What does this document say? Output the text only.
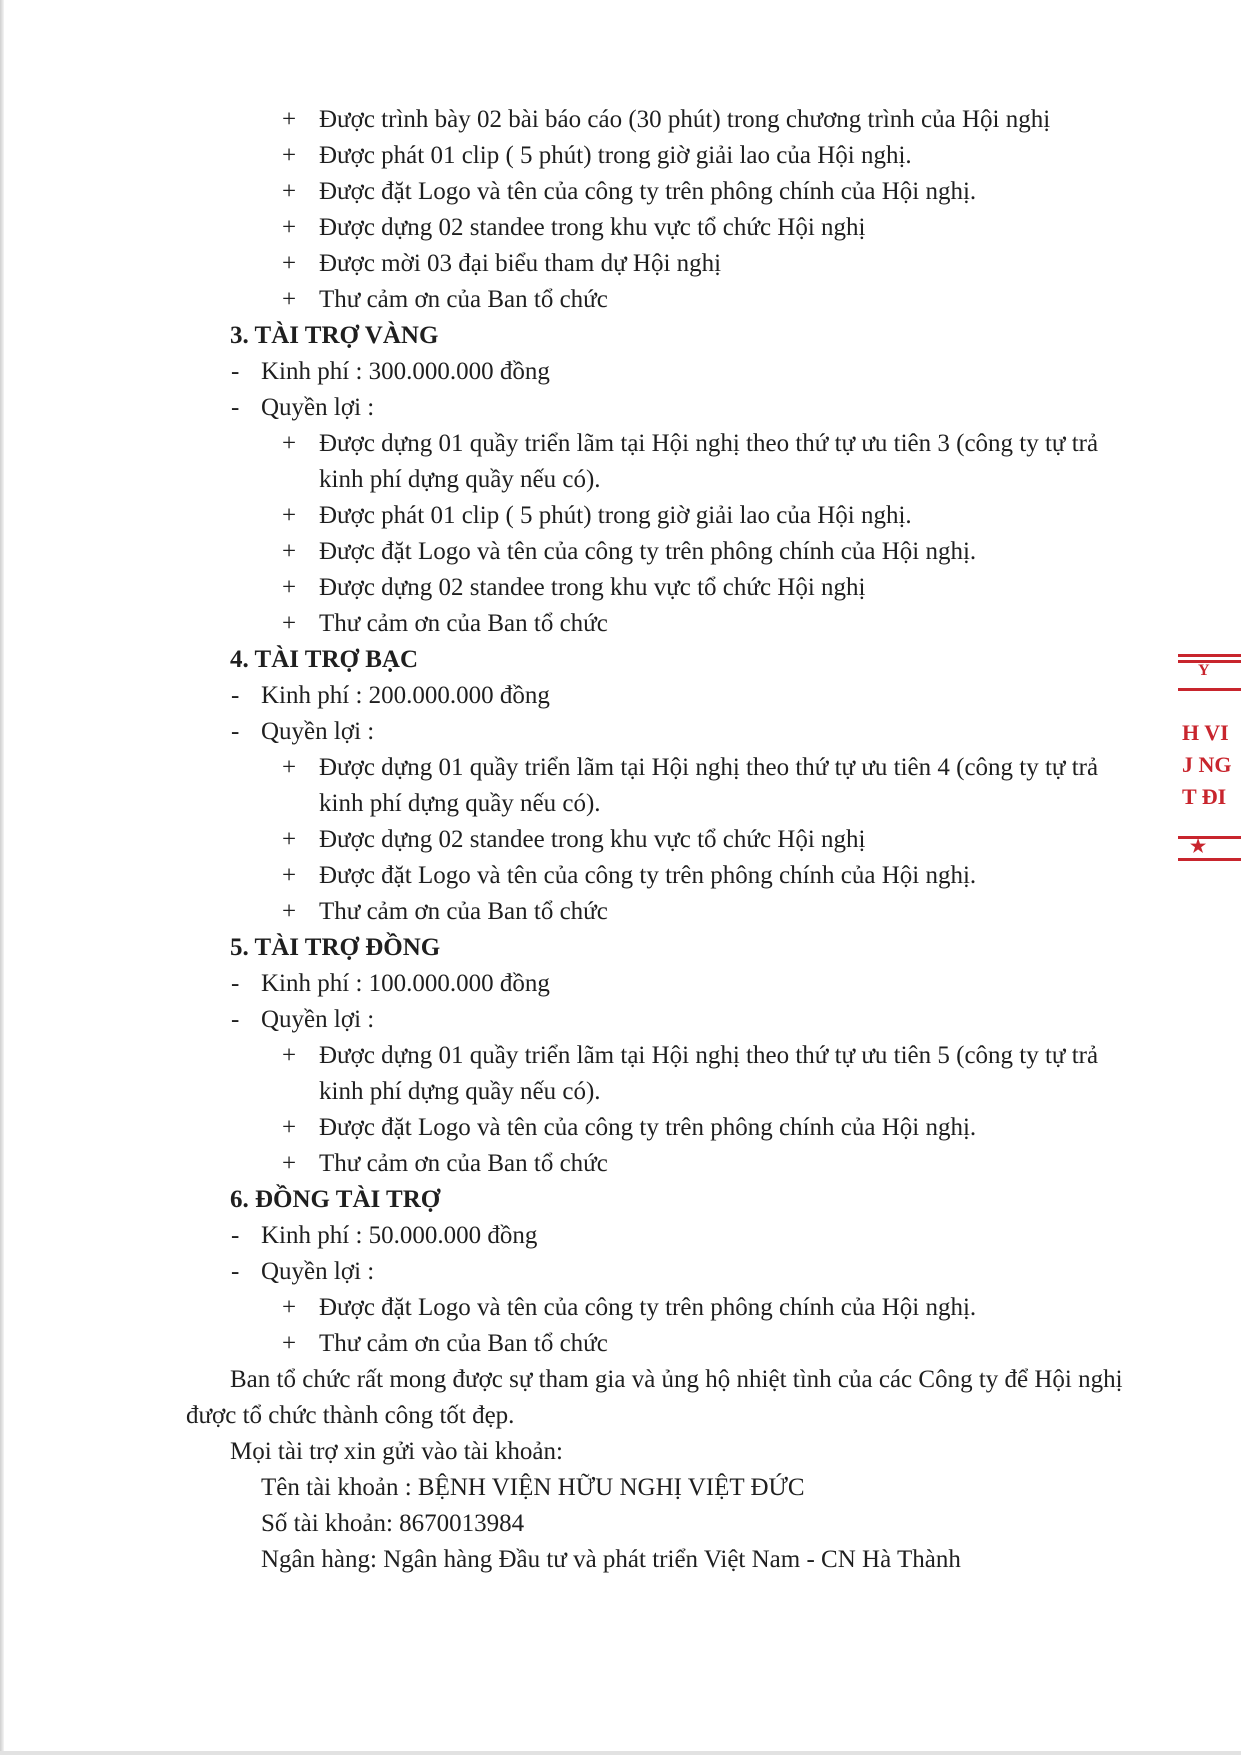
+ Được trình bày 02 bài báo cáo (30 phút) trong chương trình của Hội nghị
+ Được phát 01 clip ( 5 phút) trong giờ giải lao của Hội nghị.
+ Được đặt Logo và tên của công ty trên phông chính của Hội nghị.
+ Được dựng 02 standee trong khu vực tổ chức Hội nghị
+ Được mời 03 đại biểu tham dự Hội nghị
+ Thư cảm ơn của Ban tổ chức
3. TÀI TRỢ VÀNG
- Kinh phí : 300.000.000 đồng
- Quyền lợi :
+ Được dựng 01 quầy triển lãm tại Hội nghị theo thứ tự ưu tiên 3 (công ty tự trả
kinh phí dựng quầy nếu có).
+ Được phát 01 clip ( 5 phút) trong giờ giải lao của Hội nghị.
+ Được đặt Logo và tên của công ty trên phông chính của Hội nghị.
+ Được dựng 02 standee trong khu vực tổ chức Hội nghị
+ Thư cảm ơn của Ban tổ chức
4. TÀI TRỢ BẠC
- Kinh phí : 200.000.000 đồng
- Quyền lợi :
+ Được dựng 01 quầy triển lãm tại Hội nghị theo thứ tự ưu tiên 4 (công ty tự trả
kinh phí dựng quầy nếu có).
+ Được dựng 02 standee trong khu vực tổ chức Hội nghị
+ Được đặt Logo và tên của công ty trên phông chính của Hội nghị.
+ Thư cảm ơn của Ban tổ chức
5. TÀI TRỢ ĐỒNG
- Kinh phí : 100.000.000 đồng
- Quyền lợi :
+ Được dựng 01 quầy triển lãm tại Hội nghị theo thứ tự ưu tiên 5 (công ty tự trả
kinh phí dựng quầy nếu có).
+ Được đặt Logo và tên của công ty trên phông chính của Hội nghị.
+ Thư cảm ơn của Ban tổ chức
6. ĐỒNG TÀI TRỢ
- Kinh phí : 50.000.000 đồng
- Quyền lợi :
+ Được đặt Logo và tên của công ty trên phông chính của Hội nghị.
+ Thư cảm ơn của Ban tổ chức
Ban tổ chức rất mong được sự tham gia và ủng hộ nhiệt tình của các Công ty để Hội nghị
được tổ chức thành công tốt đẹp.
Mọi tài trợ xin gửi vào tài khoản:
Tên tài khoản : BỆNH VIỆN HỮU NGHỊ VIỆT ĐỨC
Số tài khoản: 8670013984
Ngân hàng: Ngân hàng Đầu tư và phát triển Việt Nam - CN Hà Thành
Y
H VI
J NG
T ĐI
★
